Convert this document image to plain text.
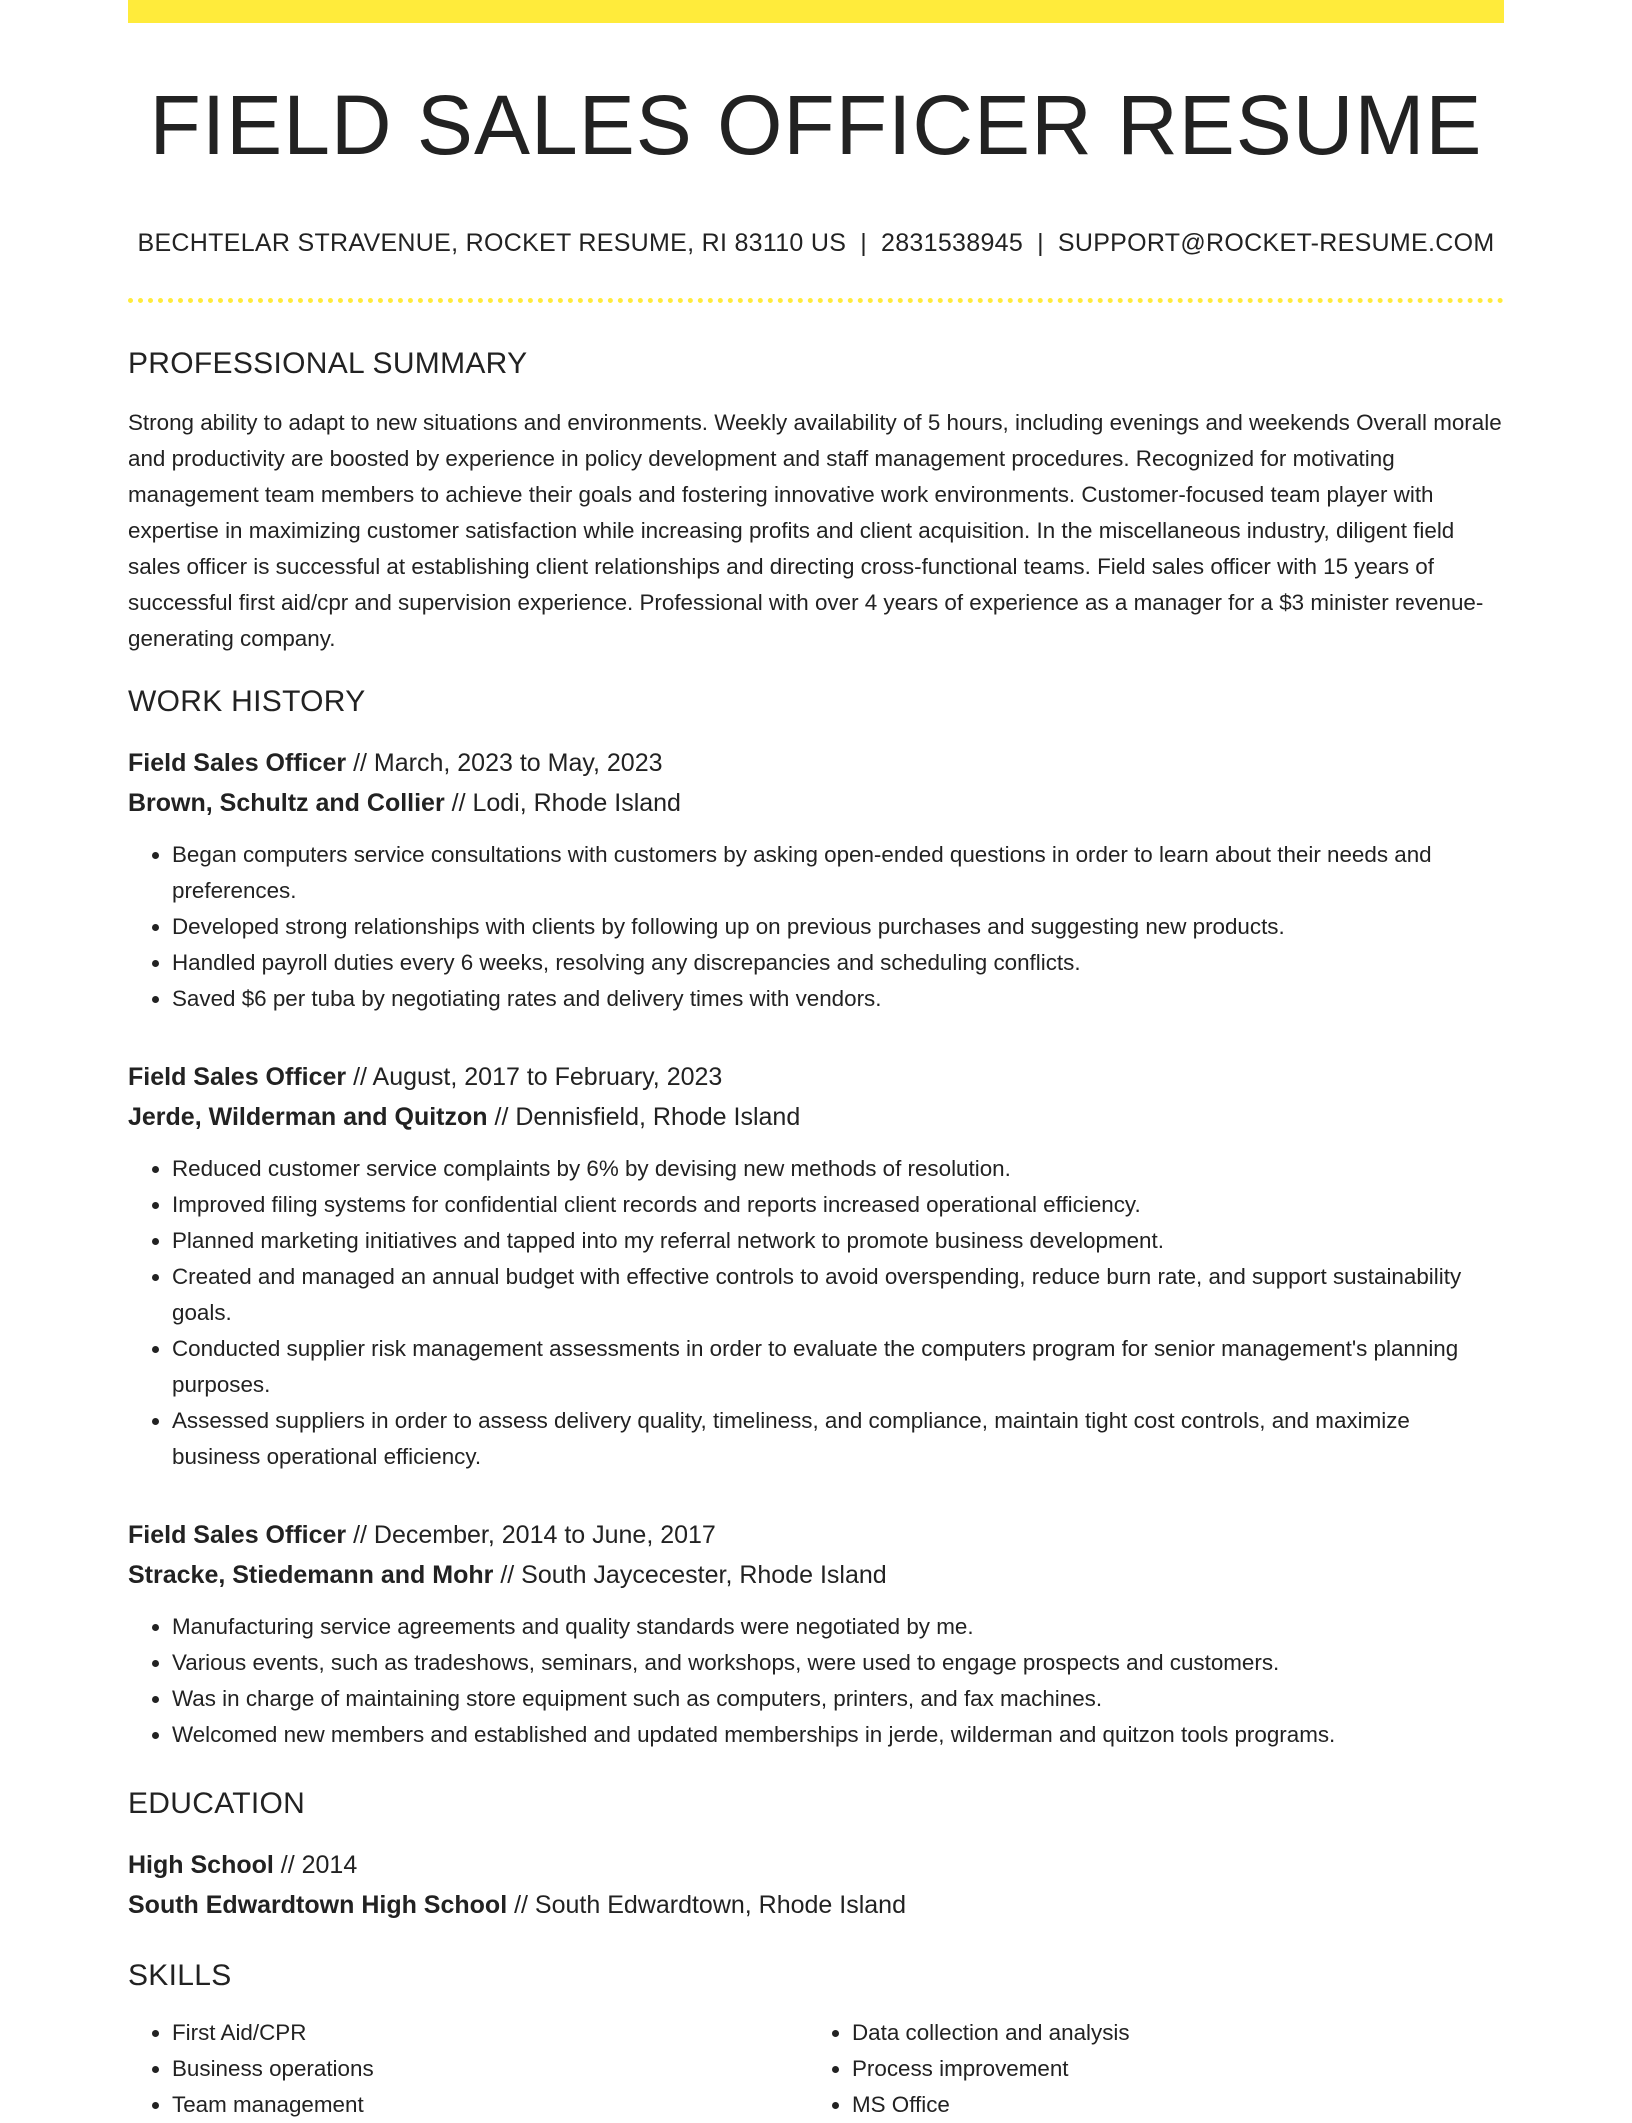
FIELD SALES OFFICER RESUME
BECHTELAR STRAVENUE, ROCKET RESUME, RI 83110 US | 2831538945 | SUPPORT@ROCKET-RESUME.COM
PROFESSIONAL SUMMARY
Strong ability to adapt to new situations and environments. Weekly availability of 5 hours, including evenings and weekends Overall morale and productivity are boosted by experience in policy development and staff management procedures. Recognized for motivating management team members to achieve their goals and fostering innovative work environments. Customer-focused team player with expertise in maximizing customer satisfaction while increasing profits and client acquisition. In the miscellaneous industry, diligent field sales officer is successful at establishing client relationships and directing cross-functional teams. Field sales officer with 15 years of successful first aid/cpr and supervision experience. Professional with over 4 years of experience as a manager for a $3 minister revenue-generating company.
WORK HISTORY
Field Sales Officer // March, 2023 to May, 2023
Brown, Schultz and Collier // Lodi, Rhode Island
• Began computers service consultations with customers by asking open-ended questions in order to learn about their needs and preferences.
• Developed strong relationships with clients by following up on previous purchases and suggesting new products.
• Handled payroll duties every 6 weeks, resolving any discrepancies and scheduling conflicts.
• Saved $6 per tuba by negotiating rates and delivery times with vendors.
Field Sales Officer // August, 2017 to February, 2023
Jerde, Wilderman and Quitzon // Dennisfield, Rhode Island
• Reduced customer service complaints by 6% by devising new methods of resolution.
• Improved filing systems for confidential client records and reports increased operational efficiency.
• Planned marketing initiatives and tapped into my referral network to promote business development.
• Created and managed an annual budget with effective controls to avoid overspending, reduce burn rate, and support sustainability goals.
• Conducted supplier risk management assessments in order to evaluate the computers program for senior management's planning purposes.
• Assessed suppliers in order to assess delivery quality, timeliness, and compliance, maintain tight cost controls, and maximize business operational efficiency.
Field Sales Officer // December, 2014 to June, 2017
Stracke, Stiedemann and Mohr // South Jaycecester, Rhode Island
• Manufacturing service agreements and quality standards were negotiated by me.
• Various events, such as tradeshows, seminars, and workshops, were used to engage prospects and customers.
• Was in charge of maintaining store equipment such as computers, printers, and fax machines.
• Welcomed new members and established and updated memberships in jerde, wilderman and quitzon tools programs.
EDUCATION
High School // 2014
South Edwardtown High School // South Edwardtown, Rhode Island
SKILLS
• First Aid/CPR
• Business operations
• Team management
• Data collection and analysis
• Process improvement
• MS Office
